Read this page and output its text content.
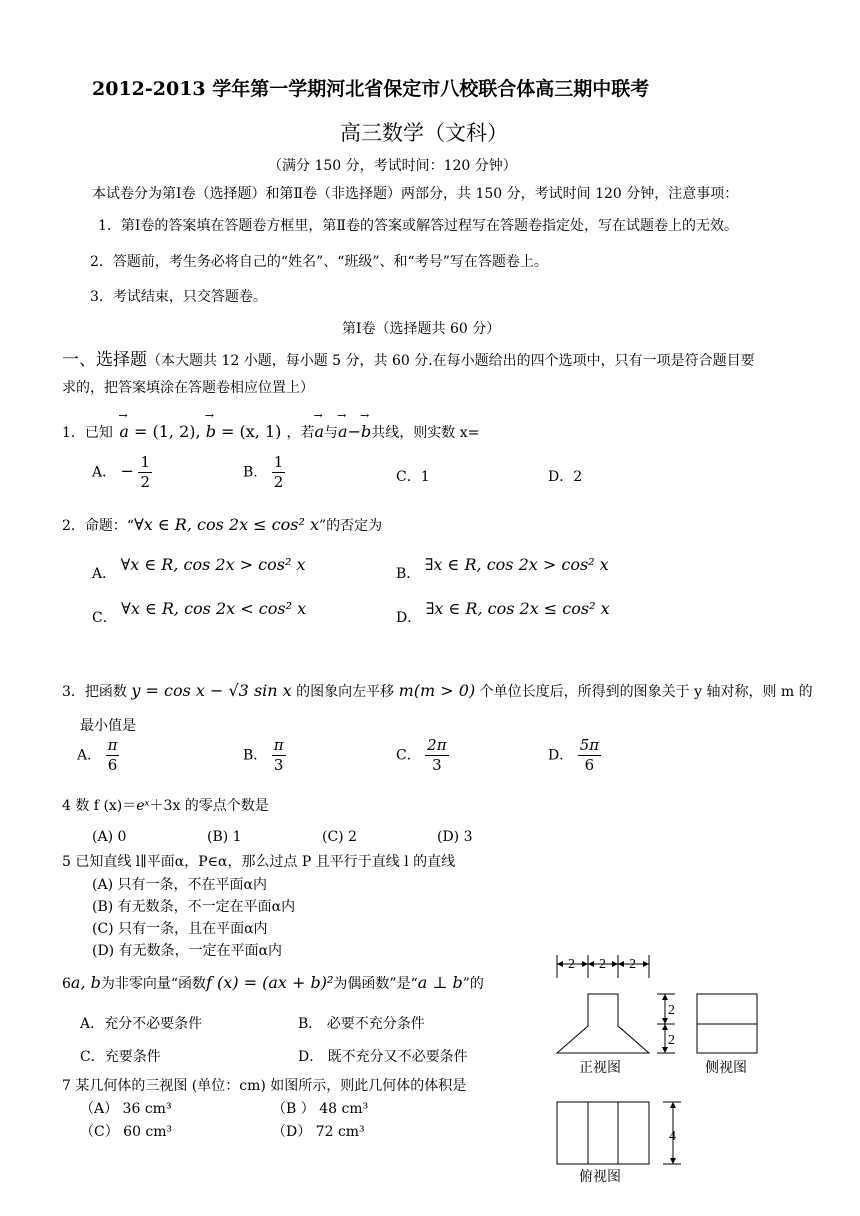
2012-2013 学年第一学期河北省保定市八校联合体高三期中联考
高三数学（文科）
（满分 150 分，考试时间：120 分钟）
本试卷分为第Ⅰ卷（选择题）和第Ⅱ卷（非选择题）两部分，共 150 分，考试时间 120 分钟，注意事项：
1．第Ⅰ卷的答案填在答题卷方框里，第Ⅱ卷的答案或解答过程写在答题卷指定处，写在试题卷上的无效。
2．答题前，考生务必将自己的“姓名”、“班级”、和“考号”写在答题卷上。
3．考试结束，只交答题卷。
第Ⅰ卷（选择题共 60 分）
一、选择题（本大题共 12 小题，每小题 5 分，共 60 分.在每小题给出的四个选项中，只有一项是符合题目要
求的，把答案填涂在答题卷相应位置上）
1．已知 → a = (1, 2), → b = (x, 1) ，若→ a与→ a−→ b共线，则实数 x=
A． − $\frac{1}{2}$	B． $\frac{1}{2}$	C．1	D．2
2．命题：“∀x ∈ R, cos 2x ≤ cos² x”的否定为
A． ∀x ∈ R, cos 2x > cos² x	B． ∃x ∈ R, cos 2x > cos² x
C． ∀x ∈ R, cos 2x < cos² x	D． ∃x ∈ R, cos 2x ≤ cos² x
3．把函数 y = cos x − √3 sin x 的图象向左平移 m(m > 0) 个单位长度后，所得到的图象关于 y 轴对称，则 m 的
最小值是
A． $\frac{\pi}{6}$	B． $\frac{\pi}{3}$	C． $\frac{2\pi}{3}$	D． $\frac{5\pi}{6}$
4 数 f (x)＝eˣ＋3x 的零点个数是
(A) 0	(B) 1	(C) 2	(D) 3
5 已知直线 l∥平面α，P∈α，那么过点 P 且平行于直线 l 的直线
(A) 只有一条，不在平面α内
(B) 有无数条，不一定在平面α内
(C) 只有一条，且在平面α内
(D) 有无数条，一定在平面α内
6a, b为非零向量“函数f (x) = (ax + b)²为偶函数”是“a ⊥ b”的
A．充分不必要条件	B． 必要不充分条件
C．充要条件	D． 既不充分又不必要条件
7 某几何体的三视图 (单位：cm) 如图所示，则此几何体的体积是
（A） 36 cm³	（B ） 48 cm³
（C） 60 cm³	（D） 72 cm³
2 2 2
2
2
4
正视图	侧视图
俯视图
